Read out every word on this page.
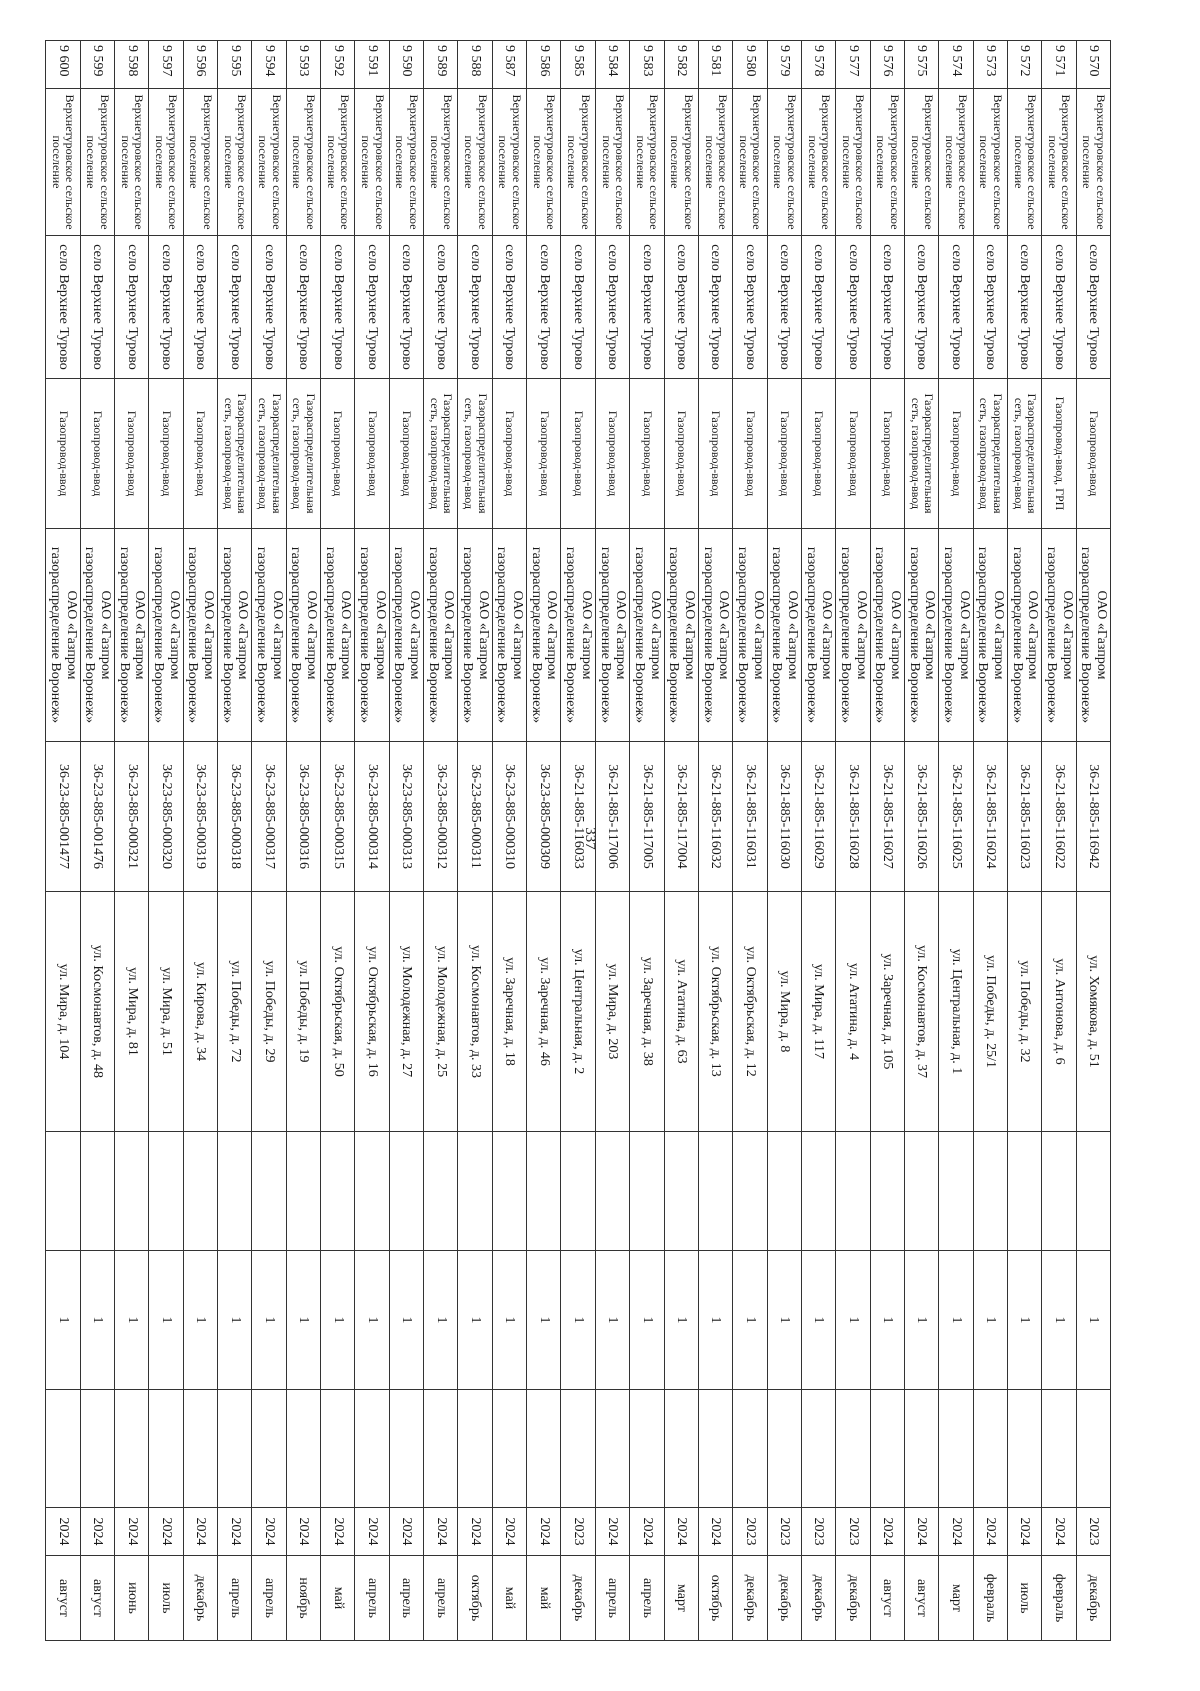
337
9 570	Верхнетуровское сельское поселение	село Верхнее Турово	Газопровод-ввод	ОАО «Газпром газораспределение Воронеж»	36-21-885-116942	ул. Хомякова, д. 51		1		2023	декабрь
9 571	Верхнетуровское сельское поселение	село Верхнее Турово	Газопровод-ввод, ГРП	ОАО «Газпром газораспределение Воронеж»	36-21-885-116022	ул. Антонова, д. 6		1		2024	февраль
9 572	Верхнетуровское сельское поселение	село Верхнее Турово	Газораспределительная сеть, газопровод-ввод	ОАО «Газпром газораспределение Воронеж»	36-21-885-116023	ул. Победы, д. 32		1		2024	июль
9 573	Верхнетуровское сельское поселение	село Верхнее Турово	Газораспределительная сеть, газопровод-ввод	ОАО «Газпром газораспределение Воронеж»	36-21-885-116024	ул. Победы, д. 25/1		1		2024	февраль
9 574	Верхнетуровское сельское поселение	село Верхнее Турово	Газопровод-ввод	ОАО «Газпром газораспределение Воронеж»	36-21-885-116025	ул. Центральная, д. 1		1		2024	март
9 575	Верхнетуровское сельское поселение	село Верхнее Турово	Газораспределительная сеть, газопровод-ввод	ОАО «Газпром газораспределение Воронеж»	36-21-885-116026	ул. Космонавтов, д. 37		1		2024	август
9 576	Верхнетуровское сельское поселение	село Верхнее Турово	Газопровод-ввод	ОАО «Газпром газораспределение Воронеж»	36-21-885-116027	ул. Заречная, д. 105		1		2024	август
9 577	Верхнетуровское сельское поселение	село Верхнее Турово	Газопровод-ввод	ОАО «Газпром газораспределение Воронеж»	36-21-885-116028	ул. Ататина, д. 4		1		2023	декабрь
9 578	Верхнетуровское сельское поселение	село Верхнее Турово	Газопровод-ввод	ОАО «Газпром газораспределение Воронеж»	36-21-885-116029	ул. Мира, д. 117		1		2023	декабрь
9 579	Верхнетуровское сельское поселение	село Верхнее Турово	Газопровод-ввод	ОАО «Газпром газораспределение Воронеж»	36-21-885-116030	ул. Мира, д. 8		1		2023	декабрь
9 580	Верхнетуровское сельское поселение	село Верхнее Турово	Газопровод-ввод	ОАО «Газпром газораспределение Воронеж»	36-21-885-116031	ул. Октябрьская, д. 12		1		2023	декабрь
9 581	Верхнетуровское сельское поселение	село Верхнее Турово	Газопровод-ввод	ОАО «Газпром газораспределение Воронеж»	36-21-885-116032	ул. Октябрьская, д. 13		1		2024	октябрь
9 582	Верхнетуровское сельское поселение	село Верхнее Турово	Газопровод-ввод	ОАО «Газпром газораспределение Воронеж»	36-21-885-117004	ул. Ататина, д. 63		1		2024	март
9 583	Верхнетуровское сельское поселение	село Верхнее Турово	Газопровод-ввод	ОАО «Газпром газораспределение Воронеж»	36-21-885-117005	ул. Заречная, д. 38		1		2024	апрель
9 584	Верхнетуровское сельское поселение	село Верхнее Турово	Газопровод-ввод	ОАО «Газпром газораспределение Воронеж»	36-21-885-117006	ул. Мира, д. 203		1		2024	апрель
9 585	Верхнетуровское сельское поселение	село Верхнее Турово	Газопровод-ввод	ОАО «Газпром газораспределение Воронеж»	36-21-885-116033	ул. Центральная, д. 2		1		2023	декабрь
9 586	Верхнетуровское сельское поселение	село Верхнее Турово	Газопровод-ввод	ОАО «Газпром газораспределение Воронеж»	36-23-885-000309	ул. Заречная, д. 46		1		2024	май
9 587	Верхнетуровское сельское поселение	село Верхнее Турово	Газопровод-ввод	ОАО «Газпром газораспределение Воронеж»	36-23-885-000310	ул. Заречная, д. 18		1		2024	май
9 588	Верхнетуровское сельское поселение	село Верхнее Турово	Газораспределительная сеть, газопровод-ввод	ОАО «Газпром газораспределение Воронеж»	36-23-885-000311	ул. Космонавтов, д. 33		1		2024	октябрь
9 589	Верхнетуровское сельское поселение	село Верхнее Турово	Газораспределительная сеть, газопровод-ввод	ОАО «Газпром газораспределение Воронеж»	36-23-885-000312	ул. Молодежная, д. 25		1		2024	апрель
9 590	Верхнетуровское сельское поселение	село Верхнее Турово	Газопровод-ввод	ОАО «Газпром газораспределение Воронеж»	36-23-885-000313	ул. Молодежная, д. 27		1		2024	апрель
9 591	Верхнетуровское сельское поселение	село Верхнее Турово	Газопровод-ввод	ОАО «Газпром газораспределение Воронеж»	36-23-885-000314	ул. Октябрьская, д. 16		1		2024	апрель
9 592	Верхнетуровское сельское поселение	село Верхнее Турово	Газопровод-ввод	ОАО «Газпром газораспределение Воронеж»	36-23-885-000315	ул. Октябрьская, д. 50		1		2024	май
9 593	Верхнетуровское сельское поселение	село Верхнее Турово	Газораспределительная сеть, газопровод-ввод	ОАО «Газпром газораспределение Воронеж»	36-23-885-000316	ул. Победы, д. 19		1		2024	ноябрь
9 594	Верхнетуровское сельское поселение	село Верхнее Турово	Газораспределительная сеть, газопровод-ввод	ОАО «Газпром газораспределение Воронеж»	36-23-885-000317	ул. Победы, д. 29		1		2024	апрель
9 595	Верхнетуровское сельское поселение	село Верхнее Турово	Газораспределительная сеть, газопровод-ввод	ОАО «Газпром газораспределение Воронеж»	36-23-885-000318	ул. Победы, д. 72		1		2024	апрель
9 596	Верхнетуровское сельское поселение	село Верхнее Турово	Газопровод-ввод	ОАО «Газпром газораспределение Воронеж»	36-23-885-000319	ул. Кирова, д. 34		1		2024	декабрь
9 597	Верхнетуровское сельское поселение	село Верхнее Турово	Газопровод-ввод	ОАО «Газпром газораспределение Воронеж»	36-23-885-000320	ул. Мира, д. 51		1		2024	июль
9 598	Верхнетуровское сельское поселение	село Верхнее Турово	Газопровод-ввод	ОАО «Газпром газораспределение Воронеж»	36-23-885-000321	ул. Мира, д. 81		1		2024	июнь
9 599	Верхнетуровское сельское поселение	село Верхнее Турово	Газопровод-ввод	ОАО «Газпром газораспределение Воронеж»	36-23-885-001476	ул. Космонавтов, д. 48		1		2024	август
9 600	Верхнетуровское сельское поселение	село Верхнее Турово	Газопровод-ввод	ОАО «Газпром газораспределение Воронеж»	36-23-885-001477	ул. Мира, д. 104		1		2024	август
